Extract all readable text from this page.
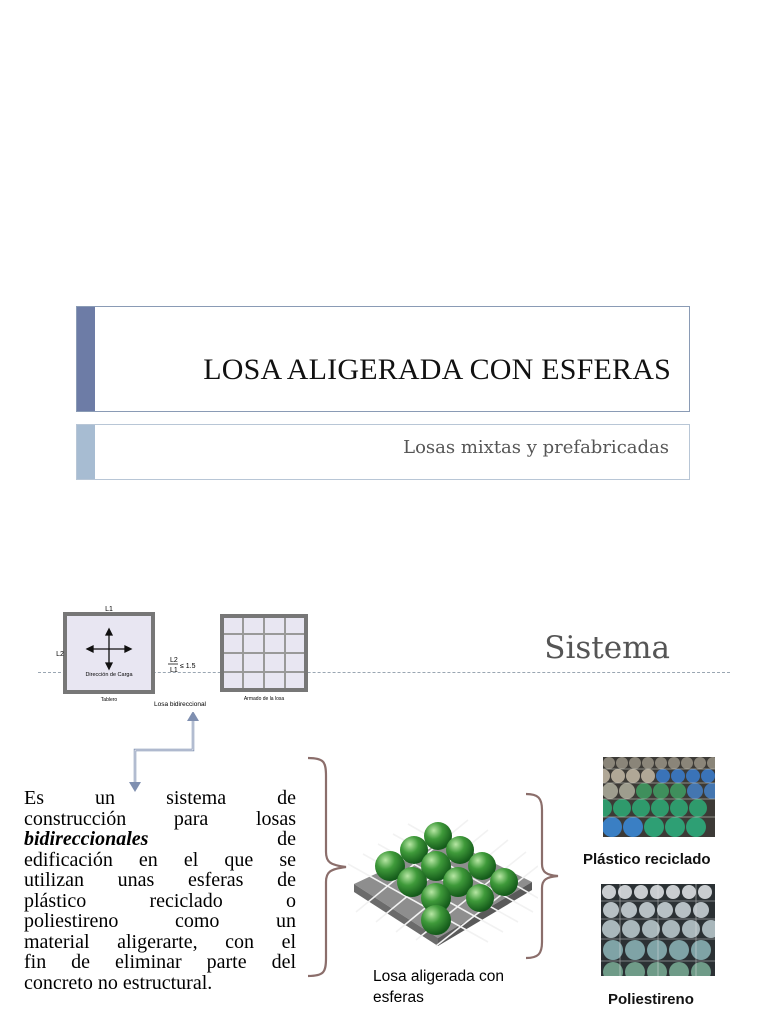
LOSA ALIGERADA CON ESFERAS
Losas mixtas y prefabricadas
Sistema
L1
L2
Dirección de Carga
Tablero
L2
L1
≤ 1.5
Losa bidireccional
Armado de la losa
Es un sistema de
construcción para losas
bidireccionales	de
edificación en el que se
utilizan unas esferas de
plástico reciclado o
poliestireno como un
material aligerarte, con el
fin de eliminar parte del
concreto no estructural.	Losa aligerada con esferas
Plástico reciclado
Poliestireno
